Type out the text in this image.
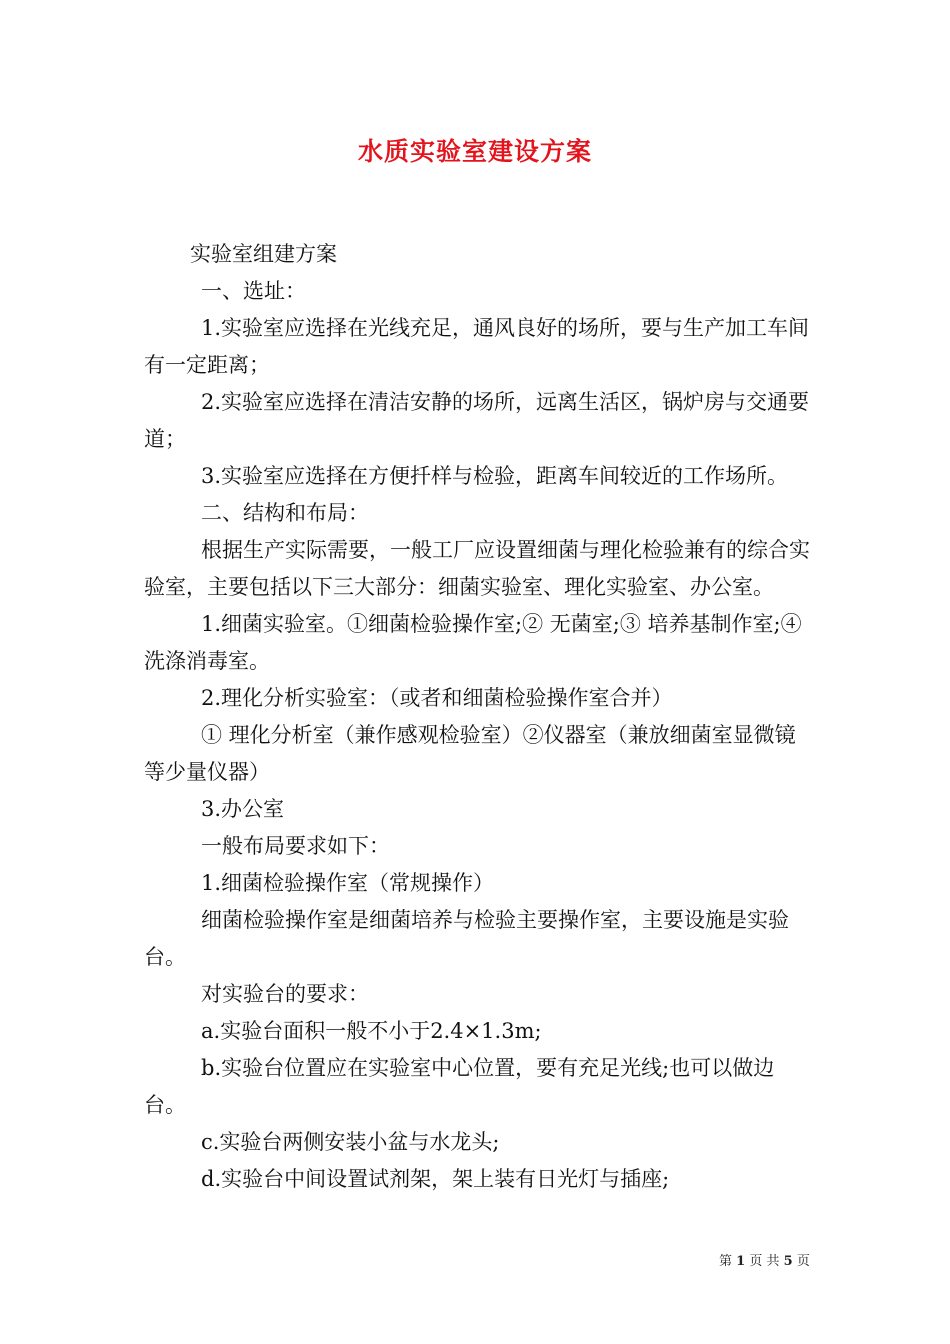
水质实验室建设方案

实验室组建方案

一、选址：

1.实验室应选择在光线充足，通风良好的场所，要与生产加工车间有一定距离；

2.实验室应选择在清洁安静的场所，远离生活区，锅炉房与交通要道；

3.实验室应选择在方便扦样与检验，距离车间较近的工作场所。

二、结构和布局：

根据生产实际需要，一般工厂应设置细菌与理化检验兼有的综合实验室，主要包括以下三大部分：细菌实验室、理化实验室、办公室。

1.细菌实验室。①细菌检验操作室;② 无菌室;③ 培养基制作室;④ 洗涤消毒室。

2.理化分析实验室：（或者和细菌检验操作室合并）

① 理化分析室（兼作感观检验室）②仪器室（兼放细菌室显微镜等少量仪器）

3.办公室

一般布局要求如下：

1.细菌检验操作室（常规操作）

细菌检验操作室是细菌培养与检验主要操作室，主要设施是实验台。

对实验台的要求：

a.实验台面积一般不小于2.4×1.3m;

b.实验台位置应在实验室中心位置，要有充足光线;也可以做边台。

c.实验台两侧安装小盆与水龙头;

d.实验台中间设置试剂架，架上装有日光灯与插座;

第 1 页 共 5 页
